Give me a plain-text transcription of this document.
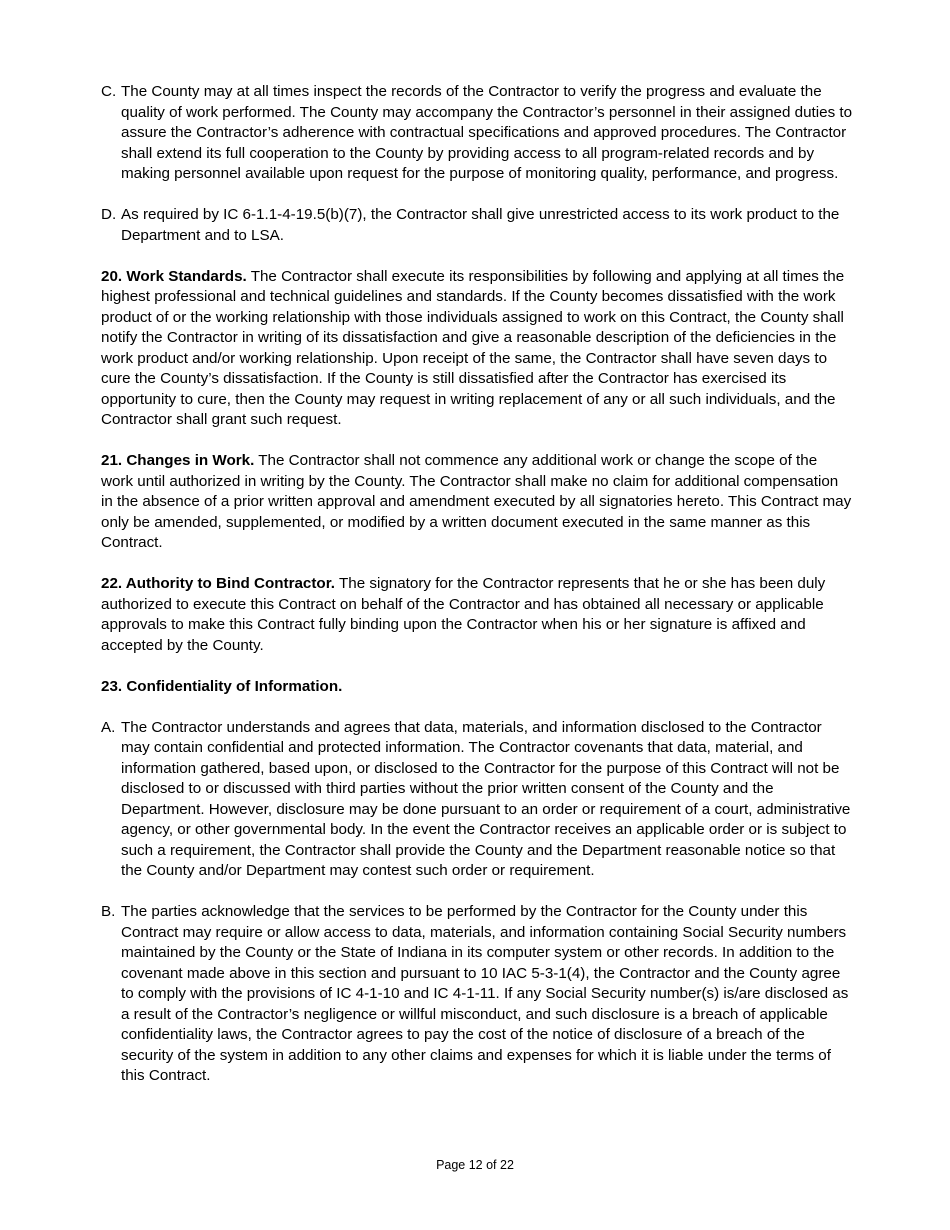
C. The County may at all times inspect the records of the Contractor to verify the progress and evaluate the quality of work performed. The County may accompany the Contractor’s personnel in their assigned duties to assure the Contractor’s adherence with contractual specifications and approved procedures. The Contractor shall extend its full cooperation to the County by providing access to all program-related records and by making personnel available upon request for the purpose of monitoring quality, performance, and progress.
D. As required by IC 6-1.1-4-19.5(b)(7), the Contractor shall give unrestricted access to its work product to the Department and to LSA.

20. Work Standards. The Contractor shall execute its responsibilities by following and applying at all times the highest professional and technical guidelines and standards. If the County becomes dissatisfied with the work product of or the working relationship with those individuals assigned to work on this Contract, the County shall notify the Contractor in writing of its dissatisfaction and give a reasonable description of the deficiencies in the work product and/or working relationship. Upon receipt of the same, the Contractor shall have seven days to cure the County’s dissatisfaction. If the County is still dissatisfied after the Contractor has exercised its opportunity to cure, then the County may request in writing replacement of any or all such individuals, and the Contractor shall grant such request.

21. Changes in Work. The Contractor shall not commence any additional work or change the scope of the work until authorized in writing by the County. The Contractor shall make no claim for additional compensation in the absence of a prior written approval and amendment executed by all signatories hereto. This Contract may only be amended, supplemented, or modified by a written document executed in the same manner as this Contract.

22. Authority to Bind Contractor. The signatory for the Contractor represents that he or she has been duly authorized to execute this Contract on behalf of the Contractor and has obtained all necessary or applicable approvals to make this Contract fully binding upon the Contractor when his or her signature is affixed and accepted by the County.

23. Confidentiality of Information.

A. The Contractor understands and agrees that data, materials, and information disclosed to the Contractor may contain confidential and protected information. The Contractor covenants that data, material, and information gathered, based upon, or disclosed to the Contractor for the purpose of this Contract will not be disclosed to or discussed with third parties without the prior written consent of the County and the Department. However, disclosure may be done pursuant to an order or requirement of a court, administrative agency, or other governmental body. In the event the Contractor receives an applicable order or is subject to such a requirement, the Contractor shall provide the County and the Department reasonable notice so that the County and/or Department may contest such order or requirement.
B. The parties acknowledge that the services to be performed by the Contractor for the County under this Contract may require or allow access to data, materials, and information containing Social Security numbers maintained by the County or the State of Indiana in its computer system or other records. In addition to the covenant made above in this section and pursuant to 10 IAC 5-3-1(4), the Contractor and the County agree to comply with the provisions of IC 4-1-10 and IC 4-1-11. If any Social Security number(s) is/are disclosed as a result of the Contractor’s negligence or willful misconduct, and such disclosure is a breach of applicable confidentiality laws, the Contractor agrees to pay the cost of the notice of disclosure of a breach of the security of the system in addition to any other claims and expenses for which it is liable under the terms of this Contract.
Page 12 of 22
